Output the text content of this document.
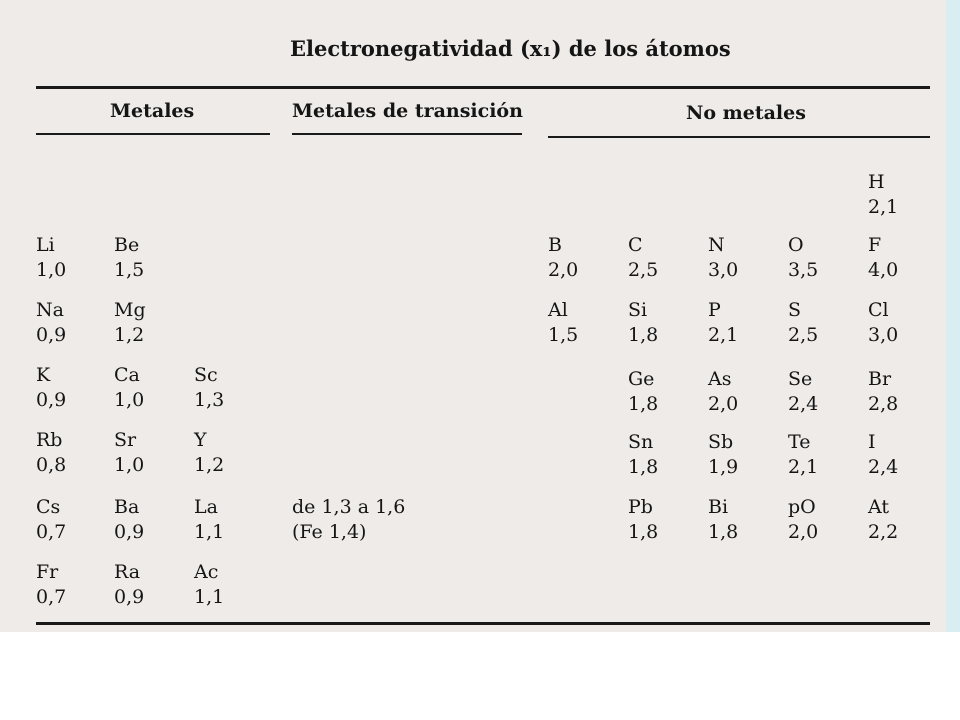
Electronegatividad (x₁) de los átomos
Metales	Metales de transición	No metales
H
2,1
Li
1,0
Be
1,5
B
2,0
C
2,5
N
3,0
O
3,5
F
4,0
Na
0,9
Mg
1,2
Al
1,5
Si
1,8
P
2,1
S
2,5
Cl
3,0
K
0,9
Ca
1,0
Sc
1,3
Ge
1,8
As
2,0
Se
2,4
Br
2,8
Rb
0,8
Sr
1,0
Y
1,2
Sn
1,8
Sb
1,9
Te
2,1
I
2,4
Cs
0,7
Ba
0,9
La
1,1
de 1,3 a 1,6
(Fe 1,4)
Pb
1,8
Bi
1,8
pO
2,0
At
2,2
Fr
0,7
Ra
0,9
Ac
1,1
